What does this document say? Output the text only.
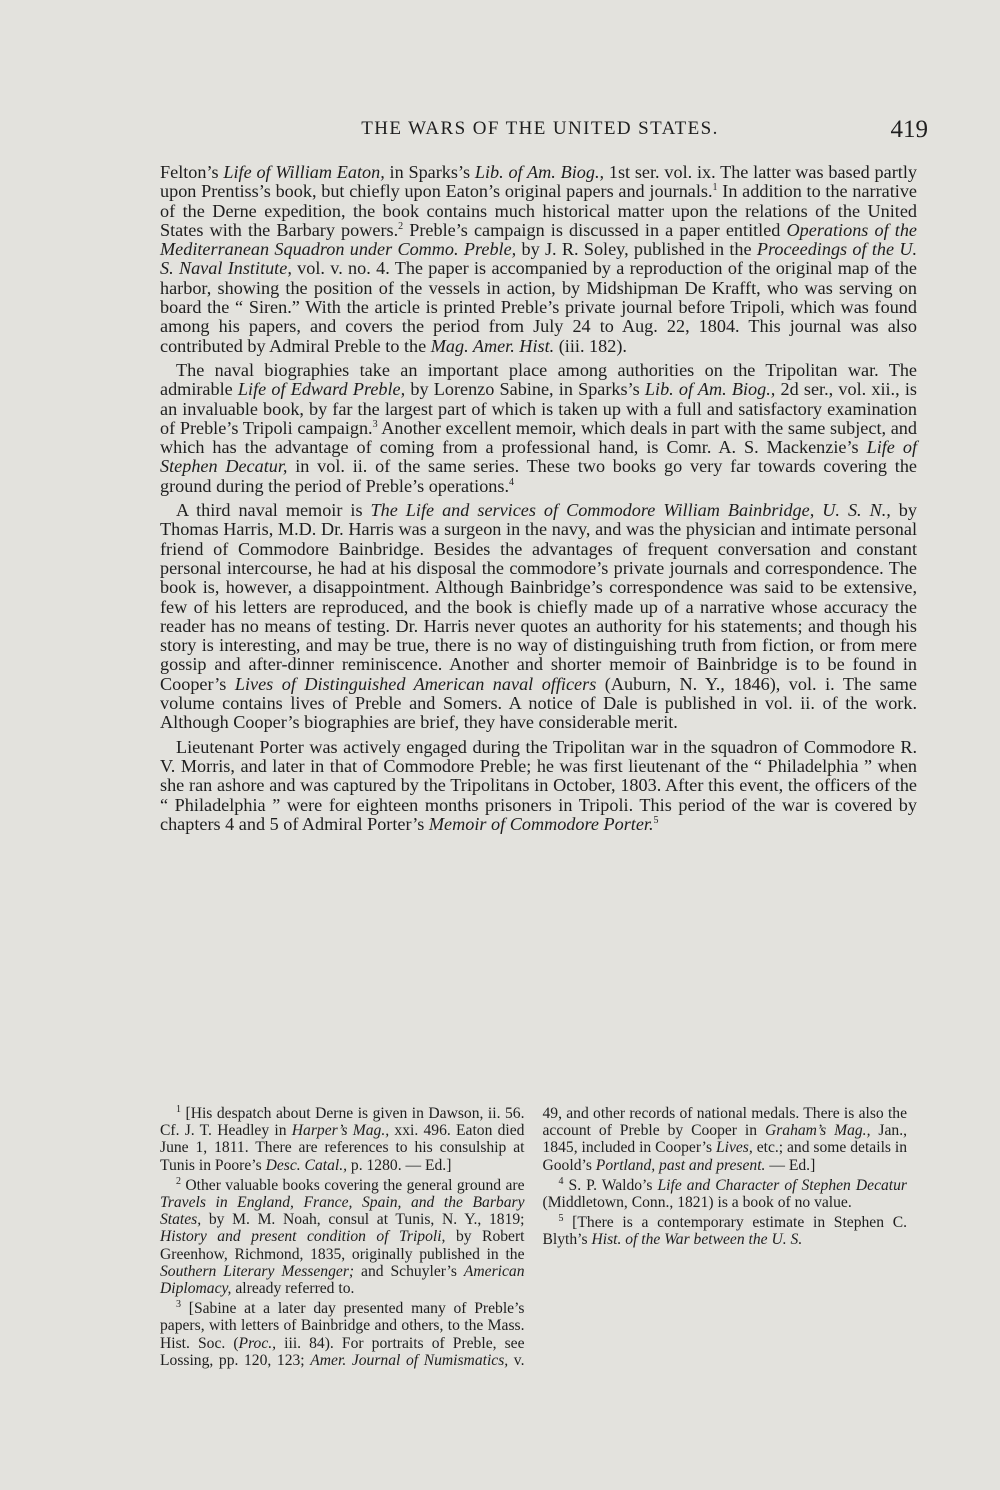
THE WARS OF THE UNITED STATES.	419

Felton’s Life of William Eaton, in Sparks’s Lib. of Am. Biog., 1st ser. vol. ix. The latter was based partly upon Prentiss’s book, but chiefly upon Eaton’s original papers and journals.$^1$ In addition to the narrative of the Derne expedition, the book contains much historical matter upon the relations of the United States with the Barbary powers.$^2$ Preble’s campaign is discussed in a paper entitled Operations of the Mediterranean Squadron under Commo. Preble, by J. R. Soley, published in the Proceedings of the U. S. Naval Institute, vol. v. no. 4. The paper is accompanied by a reproduction of the original map of the harbor, showing the position of the vessels in action, by Midshipman De Krafft, who was serving on board the “ Siren.” With the article is printed Preble’s private journal before Tripoli, which was found among his papers, and covers the period from July 24 to Aug. 22, 1804. This journal was also contributed by Admiral Preble to the Mag. Amer. Hist. (iii. 182).

The naval biographies take an important place among authorities on the Tripolitan war. The admirable Life of Edward Preble, by Lorenzo Sabine, in Sparks’s Lib. of Am. Biog., 2d ser., vol. xii., is an invaluable book, by far the largest part of which is taken up with a full and satisfactory examination of Preble’s Tripoli campaign.$^3$ Another excellent memoir, which deals in part with the same subject, and which has the advantage of coming from a professional hand, is Comr. A. S. Mackenzie’s Life of Stephen Decatur, in vol. ii. of the same series. These two books go very far towards covering the ground during the period of Preble’s operations.$^4$

A third naval memoir is The Life and services of Commodore William Bainbridge, U. S. N., by Thomas Harris, M.D. Dr. Harris was a surgeon in the navy, and was the physician and intimate personal friend of Commodore Bainbridge. Besides the advantages of frequent conversation and constant personal intercourse, he had at his disposal the commodore’s private journals and correspondence. The book is, however, a disappointment. Although Bainbridge’s correspondence was said to be extensive, few of his letters are reproduced, and the book is chiefly made up of a narrative whose accuracy the reader has no means of testing. Dr. Harris never quotes an authority for his statements; and though his story is interesting, and may be true, there is no way of distinguishing truth from fiction, or from mere gossip and after-dinner reminiscence. Another and shorter memoir of Bainbridge is to be found in Cooper’s Lives of Distinguished American naval officers (Auburn, N. Y., 1846), vol. i. The same volume contains lives of Preble and Somers. A notice of Dale is published in vol. ii. of the work. Although Cooper’s biographies are brief, they have considerable merit.

Lieutenant Porter was actively engaged during the Tripolitan war in the squadron of Commodore R. V. Morris, and later in that of Commodore Preble; he was first lieutenant of the “ Philadelphia ” when she ran ashore and was captured by the Tripolitans in October, 1803. After this event, the officers of the “ Philadelphia ” were for eighteen months prisoners in Tripoli. This period of the war is covered by chapters 4 and 5 of Admiral Porter’s Memoir of Commodore Porter.$^5$

$^1$ [His despatch about Derne is given in Dawson, ii. 56. Cf. J. T. Headley in Harper’s Mag., xxi. 496. Eaton died June 1, 1811. There are references to his consulship at Tunis in Poore’s Desc. Catal., p. 1280. — Ed.]

$^2$ Other valuable books covering the general ground are Travels in England, France, Spain, and the Barbary States, by M. M. Noah, consul at Tunis, N. Y., 1819; History and present condition of Tripoli, by Robert Greenhow, Richmond, 1835, originally published in the Southern Literary Messenger; and Schuyler’s American Diplomacy, already referred to.

$^3$ [Sabine at a later day presented many of Preble’s papers, with letters of Bainbridge and others, to the Mass. Hist. Soc. (Proc., iii. 84). For portraits of Preble, see Lossing, pp. 120, 123; Amer. Journal of Numismatics, v. 49, and other records of national medals. There is also the account of Preble by Cooper in Graham’s Mag., Jan., 1845, included in Cooper’s Lives, etc.; and some details in Goold’s Portland, past and present. — Ed.]

$^4$ S. P. Waldo’s Life and Character of Stephen Decatur (Middletown, Conn., 1821) is a book of no value.

$^5$ [There is a contemporary estimate in Stephen C. Blyth’s Hist. of the War between the U. S.
